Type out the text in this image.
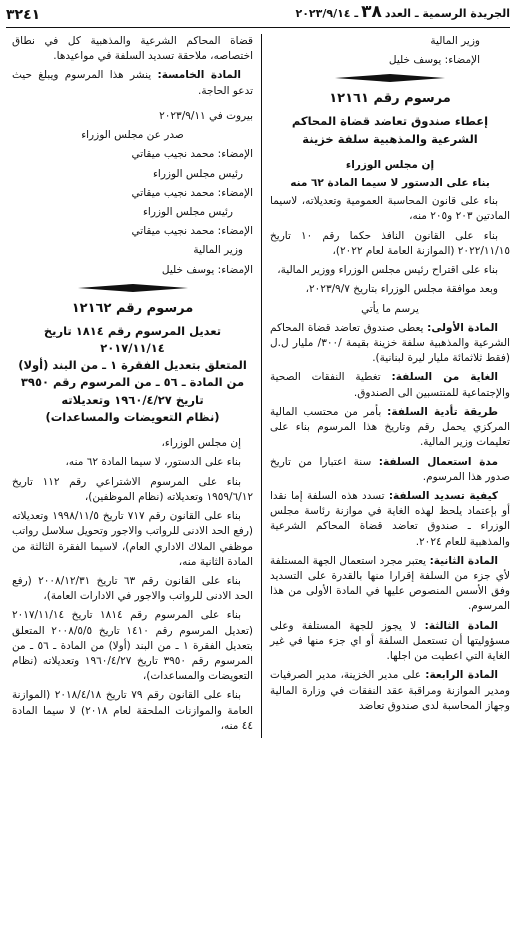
الجريدة الرسمية ـ العدد٣٨ـ ٢٠٢٣/٩/١٤
٣٢٤١

وزير المالية

الإمضاء: يوسف خليل

مرسوم رقم ١٢١٦١

إعطاء صندوق تعاضد قضاة المحاكم الشرعية والمذهبية سلفة خزينة

إن مجلس الوزراء

بناء على الدستور لا سيما المادة ٦٢ منه

بناء على قانون المحاسبة العمومية وتعديلاته، لاسيما المادتين ٢٠٣ و٢٠٥ منه،

بناء على القانون النافذ حكما رقم ١٠ تاريخ ٢٠٢٢/١١/١٥ (الموازنة العامة لعام ٢٠٢٢)،

بناء على اقتراح رئيس مجلس الوزراء ووزير المالية،

وبعد موافقة مجلس الوزراء بتاريخ ٢٠٢٣/٩/٧،

يرسم ما يأتي

المادة الأولى: يعطى صندوق تعاضد قضاة المحاكم الشرعية والمذهبية سلفة خزينة بقيمة /٣٠٠/ مليار ل.ل (فقط ثلاثمائة مليار ليرة لبنانية).

الغاية من السلفة: تغطية النفقات الصحية والإجتماعية للمنتسبين الى الصندوق.

طريقة تأدية السلفة: بأمر من محتسب المالية المركزي يحمل رقم وتاريخ هذا المرسوم بناء على تعليمات وزير المالية.

مدة استعمال السلفة: سنة اعتبارا من تاريخ صدور هذا المرسوم.

كيفية تسديد السلفة: تسدد هذه السلفة إما نقدا أو بإعتماد يلحظ لهذه الغاية في موازنة رئاسة مجلس الوزراء ـ صندوق تعاضد قضاة المحاكم الشرعية والمذهبية للعام ٢٠٢٤.

المادة الثانية: يعتبر مجرد استعمال الجهة المستلفة لأي جزء من السلفة إقرارا منها بالقدرة على التسديد وفق الأسس المنصوص عليها في المادة الأولى من هذا المرسوم.

المادة الثالثة: لا يجوز للجهة المستلفة وعلى مسؤوليتها أن تستعمل السلفة أو اي جزء منها في غير الغاية التي اعطيت من اجلها.

المادة الرابعة: على مدير الخزينة، مدير الصرفيات ومدير الموازنة ومراقبة عقد النفقات في وزارة المالية وجهاز المحاسبة لدى صندوق تعاضد

قضاة المحاكم الشرعية والمذهبية كل في نطاق اختصاصه، ملاحقة تسديد السلفة في مواعيدها.

المادة الخامسة: ينشر هذا المرسوم ويبلغ حيث تدعو الحاجة.

بيروت في ٢٠٢٣/٩/١١

صدر عن مجلس الوزراء

الإمضاء: محمد نجيب ميقاتي

رئيس مجلس الوزراء

الإمضاء: محمد نجيب ميقاتي

رئيس مجلس الوزراء

الإمضاء: محمد نجيب ميقاتي

وزير المالية

الإمضاء: يوسف خليل

مرسوم رقم ١٢١٦٢

تعديل المرسوم رقم ١٨١٤ تاريخ ٢٠١٧/١١/١٤

المتعلق بتعديل الفقرة ١ ـ من البند (أولا)

من المادة ـ ٥٦ ـ من المرسوم رقم ٣٩٥٠

تاريخ ١٩٦٠/٤/٢٧ وتعديلاته

(نظام التعويضات والمساعدات)

إن مجلس الوزراء،

بناء على الدستور، لا سيما المادة ٦٢ منه،

بناء على المرسوم الاشتراعي رقم ١١٢ تاريخ ١٩٥٩/٦/١٢ وتعديلاته (نظام الموظفين)،

بناء على القانون رقم ٧١٧ تاريخ ١٩٩٨/١١/٥ وتعديلاته (رفع الحد الادنى للرواتب والاجور وتحويل سلاسل رواتب موظفي الملاك الاداري العام)، لاسيما الفقرة الثالثة من المادة الثانية منه،

بناء على القانون رقم ٦٣ تاريخ ٢٠٠٨/١٢/٣١ (رفع الحد الادنى للرواتب والاجور في الادارات العامة)،

بناء على المرسوم رقم ١٨١٤ تاريخ ٢٠١٧/١١/١٤ (تعديل المرسوم رقم ١٤١٠ تاريخ ٢٠٠٨/٥/٥ المتعلق بتعديل الفقرة ١ ـ من البند (أولا) من المادة ـ ٥٦ ـ من المرسوم رقم ٣٩٥٠ تاريخ ١٩٦٠/٤/٢٧ وتعديلاته (نظام التعويضات والمساعدات)،

بناء على القانون رقم ٧٩ تاريخ ٢٠١٨/٤/١٨ (الموازنة العامة والموازنات الملحقة لعام ٢٠١٨) لا سيما المادة ٤٤ منه،
